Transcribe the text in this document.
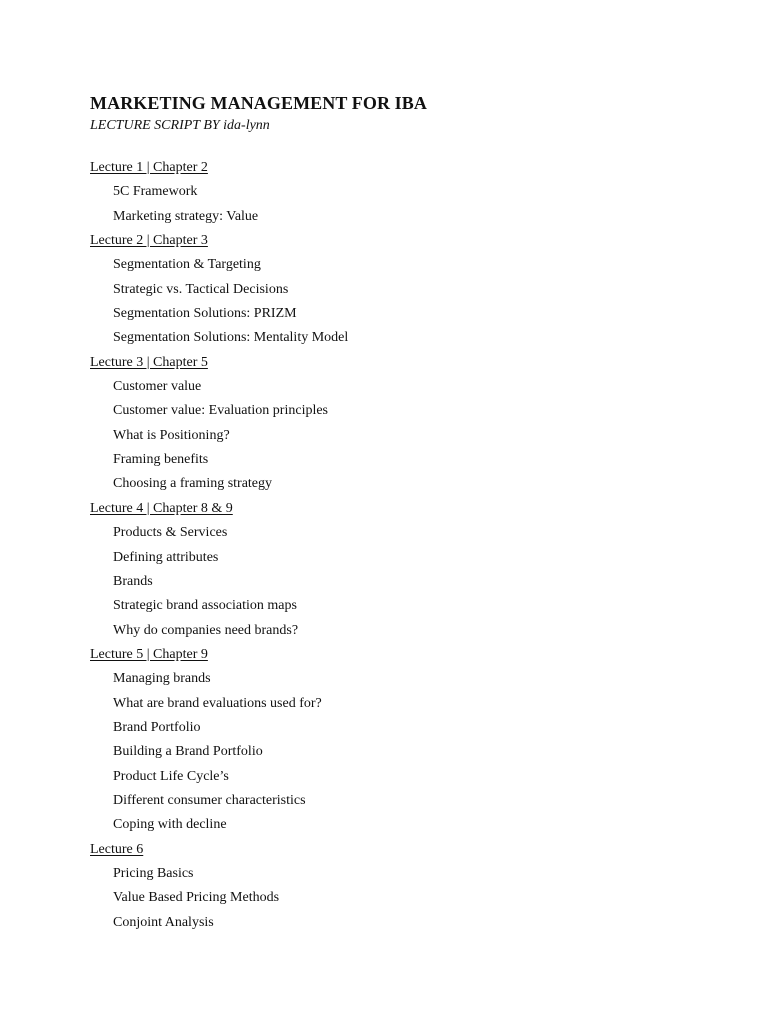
MARKETING MANAGEMENT FOR IBA
LECTURE SCRIPT BY ida-lynn
Lecture 1 | Chapter 2
5C Framework
Marketing strategy: Value
Lecture 2 | Chapter 3
Segmentation & Targeting
Strategic vs. Tactical Decisions
Segmentation Solutions: PRIZM
Segmentation Solutions: Mentality Model
Lecture 3 | Chapter 5
Customer value
Customer value: Evaluation principles
What is Positioning?
Framing benefits
Choosing a framing strategy
Lecture 4 | Chapter 8 & 9
Products & Services
Defining attributes
Brands
Strategic brand association maps
Why do companies need brands?
Lecture 5 | Chapter 9
Managing brands
What are brand evaluations used for?
Brand Portfolio
Building a Brand Portfolio
Product Life Cycle’s
Different consumer characteristics
Coping with decline
Lecture 6
Pricing Basics
Value Based Pricing Methods
Conjoint Analysis
